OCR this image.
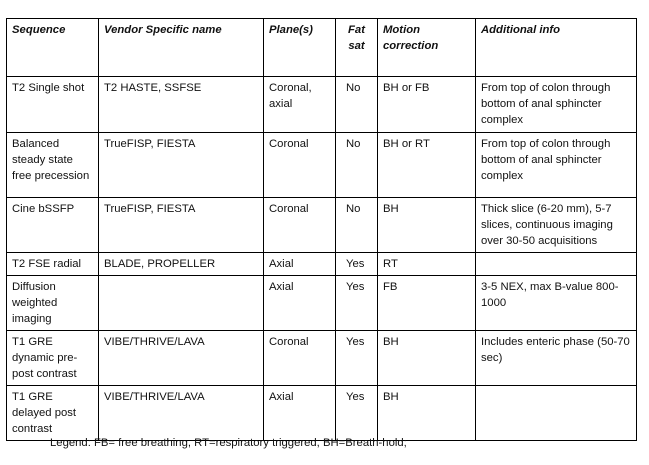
Sequence	Vendor Specific name	Plane(s)	Fat sat	Motion correction	Additional info
T2 Single shot	T2 HASTE, SSFSE	Coronal, axial	No	BH or FB	From top of colon through bottom of anal sphincter complex
Balanced steady state free precession	TrueFISP, FIESTA	Coronal	No	BH or RT	From top of colon through bottom of anal sphincter complex
Cine bSSFP	TrueFISP, FIESTA	Coronal	No	BH	Thick slice (6-20 mm), 5-7 slices, continuous imaging over 30-50 acquisitions
T2 FSE radial	BLADE, PROPELLER	Axial	Yes	RT	
Diffusion weighted imaging		Axial	Yes	FB	3-5 NEX, max B-value 800-1000
T1 GRE dynamic pre-post contrast	VIBE/THRIVE/LAVA	Coronal	Yes	BH	Includes enteric phase (50-70 sec)
T1 GRE delayed post contrast	VIBE/THRIVE/LAVA	Axial	Yes	BH	
Legend: FB= free breathing, RT=respiratory triggered, BH=Breath-hold;
